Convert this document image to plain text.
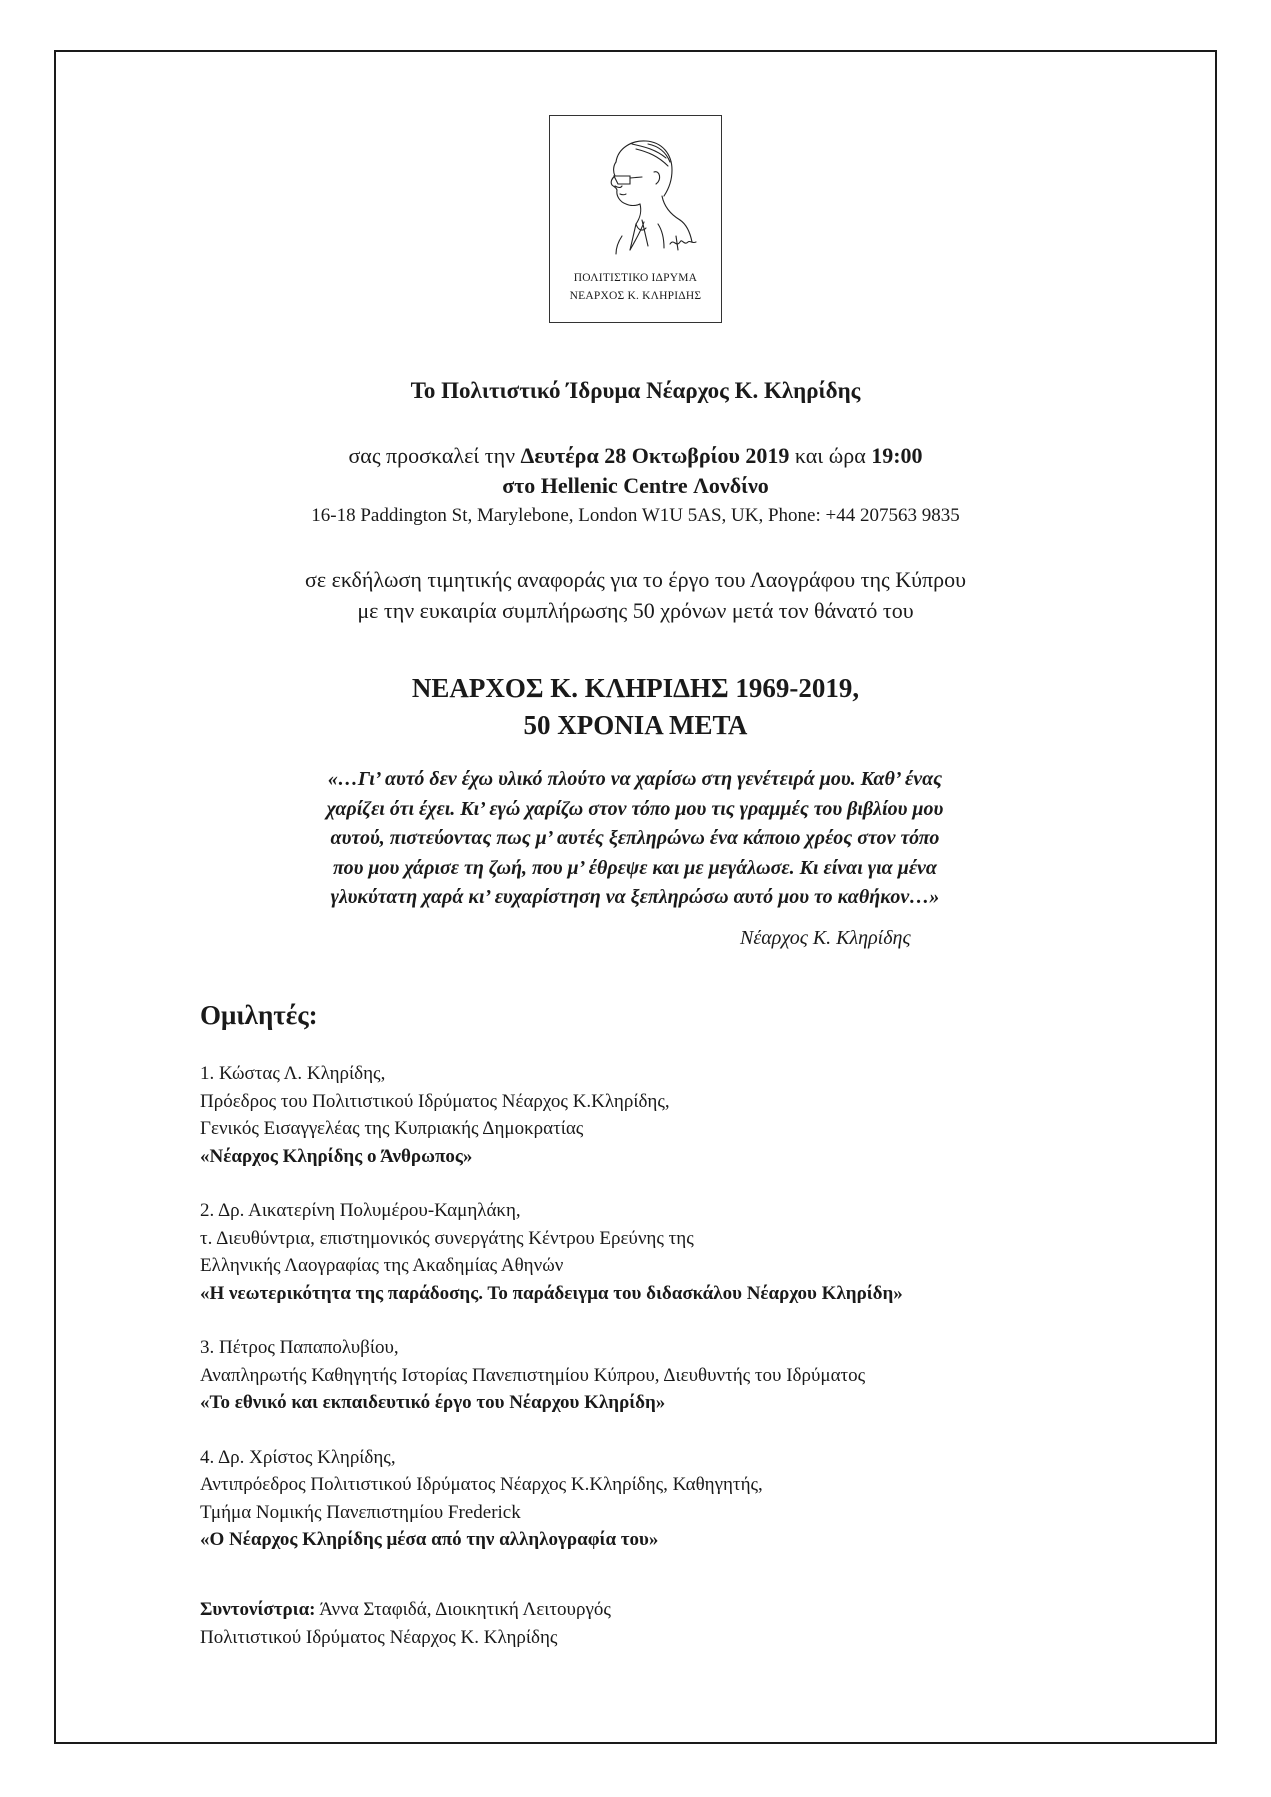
ΠΟΛΙΤΙΣΤΙΚΟ ΙΔΡΥΜΑ
ΝΕΑΡΧΟΣ Κ. ΚΛΗΡΙΔΗΣ
Το Πολιτιστικό Ίδρυμα Νέαρχος Κ. Κληρίδης
σας προσκαλεί την Δευτέρα 28 Οκτωβρίου 2019 και ώρα 19:00
στο Hellenic Centre Λονδίνο
16-18 Paddington St, Marylebone, London W1U 5AS, UK, Phone: +44 207563 9835
σε εκδήλωση τιμητικής αναφοράς για το έργο του Λαογράφου της Κύπρου
με την ευκαιρία συμπλήρωσης 50 χρόνων μετά τον θάνατό του
ΝΕΑΡΧΟΣ Κ. ΚΛΗΡΙΔΗΣ 1969-2019,
50 ΧΡΟΝΙΑ ΜΕΤΑ
«…Γι’ αυτό δεν έχω υλικό πλούτο να χαρίσω στη γενέτειρά μου. Καθ’ ένας
χαρίζει ότι έχει. Κι’ εγώ χαρίζω στον τόπο μου τις γραμμές του βιβλίου μου
αυτού, πιστεύοντας πως μ’ αυτές ξεπληρώνω ένα κάποιο χρέος στον τόπο
που μου χάρισε τη ζωή, που μ’ έθρεψε και με μεγάλωσε. Κι είναι για μένα
γλυκύτατη χαρά κι’ ευχαρίστηση να ξεπληρώσω αυτό μου το καθήκον…»
Νέαρχος Κ. Κληρίδης
Ομιλητές:
1. Κώστας Λ. Κληρίδης,
Πρόεδρος του Πολιτιστικού Ιδρύματος Νέαρχος Κ.Κληρίδης,
Γενικός Εισαγγελέας της Κυπριακής Δημοκρατίας
«Νέαρχος Κληρίδης ο Άνθρωπος»
2. Δρ. Αικατερίνη Πολυμέρου-Καμηλάκη,
τ. Διευθύντρια, επιστημονικός συνεργάτης Κέντρου Ερεύνης της
Ελληνικής Λαογραφίας της Ακαδημίας Αθηνών
«Η νεωτερικότητα της παράδοσης. Το παράδειγμα του διδασκάλου Νέαρχου Κληρίδη»
3. Πέτρος Παπαπολυβίου,
Αναπληρωτής Καθηγητής Ιστορίας Πανεπιστημίου Κύπρου, Διευθυντής του Ιδρύματος
«Το εθνικό και εκπαιδευτικό έργο του Νέαρχου Κληρίδη»
4. Δρ. Χρίστος Κληρίδης,
Αντιπρόεδρος Πολιτιστικού Ιδρύματος Νέαρχος Κ.Κληρίδης, Καθηγητής,
Τμήμα Νομικής Πανεπιστημίου Frederick
«Ο Νέαρχος Κληρίδης μέσα από την αλληλογραφία του»
Συντονίστρια: Άννα Σταφιδά, Διοικητική Λειτουργός
Πολιτιστικού Ιδρύματος Νέαρχος Κ. Κληρίδης
